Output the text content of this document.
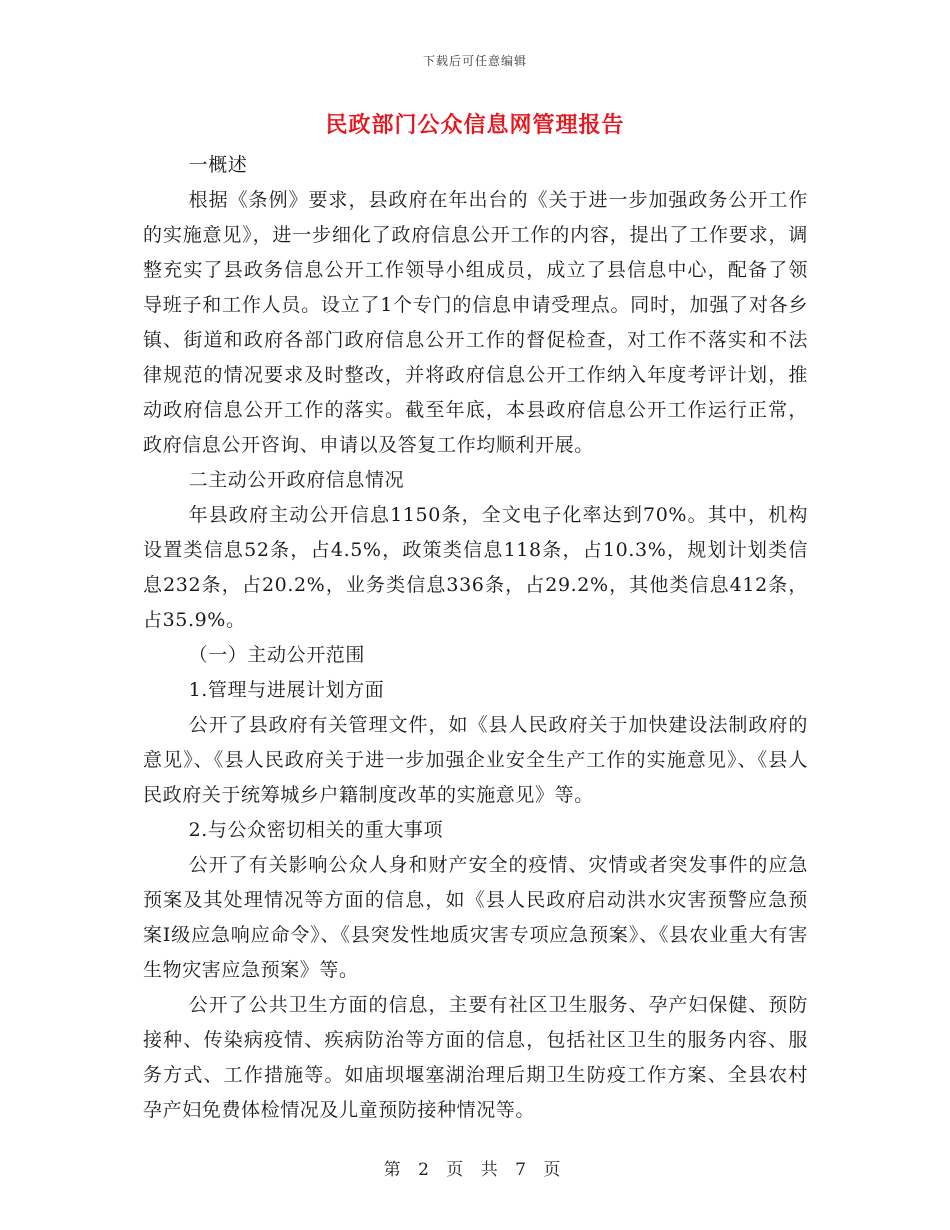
下载后可任意编辑
民政部门公众信息网管理报告

一概述

根据《条例》要求，县政府在年出台的《关于进一步加强政务公开工作的实施意见》，进一步细化了政府信息公开工作的内容，提出了工作要求，调整充实了县政务信息公开工作领导小组成员，成立了县信息中心，配备了领导班子和工作人员。设立了1个专门的信息申请受理点。同时，加强了对各乡镇、街道和政府各部门政府信息公开工作的督促检查，对工作不落实和不法律规范的情况要求及时整改，并将政府信息公开工作纳入年度考评计划，推动政府信息公开工作的落实。截至年底，本县政府信息公开工作运行正常，政府信息公开咨询、申请以及答复工作均顺利开展。

二主动公开政府信息情况

年县政府主动公开信息1150条，全文电子化率达到70%。其中，机构设置类信息52条，占4.5%，政策类信息118条，占10.3%，规划计划类信息232条，占20.2%，业务类信息336条，占29.2%，其他类信息412条，占35.9%。

（一）主动公开范围

1.管理与进展计划方面

公开了县政府有关管理文件，如《县人民政府关于加快建设法制政府的意见》、《县人民政府关于进一步加强企业安全生产工作的实施意见》、《县人民政府关于统筹城乡户籍制度改革的实施意见》等。

2.与公众密切相关的重大事项

公开了有关影响公众人身和财产安全的疫情、灾情或者突发事件的应急预案及其处理情况等方面的信息，如《县人民政府启动洪水灾害预警应急预案Ⅰ级应急响应命令》、《县突发性地质灾害专项应急预案》、《县农业重大有害生物灾害应急预案》等。

公开了公共卫生方面的信息，主要有社区卫生服务、孕产妇保健、预防接种、传染病疫情、疾病防治等方面的信息，包括社区卫生的服务内容、服务方式、工作措施等。如庙坝堰塞湖治理后期卫生防疫工作方案、全县农村孕产妇免费体检情况及儿童预防接种情况等。

第 2 页 共 7 页
